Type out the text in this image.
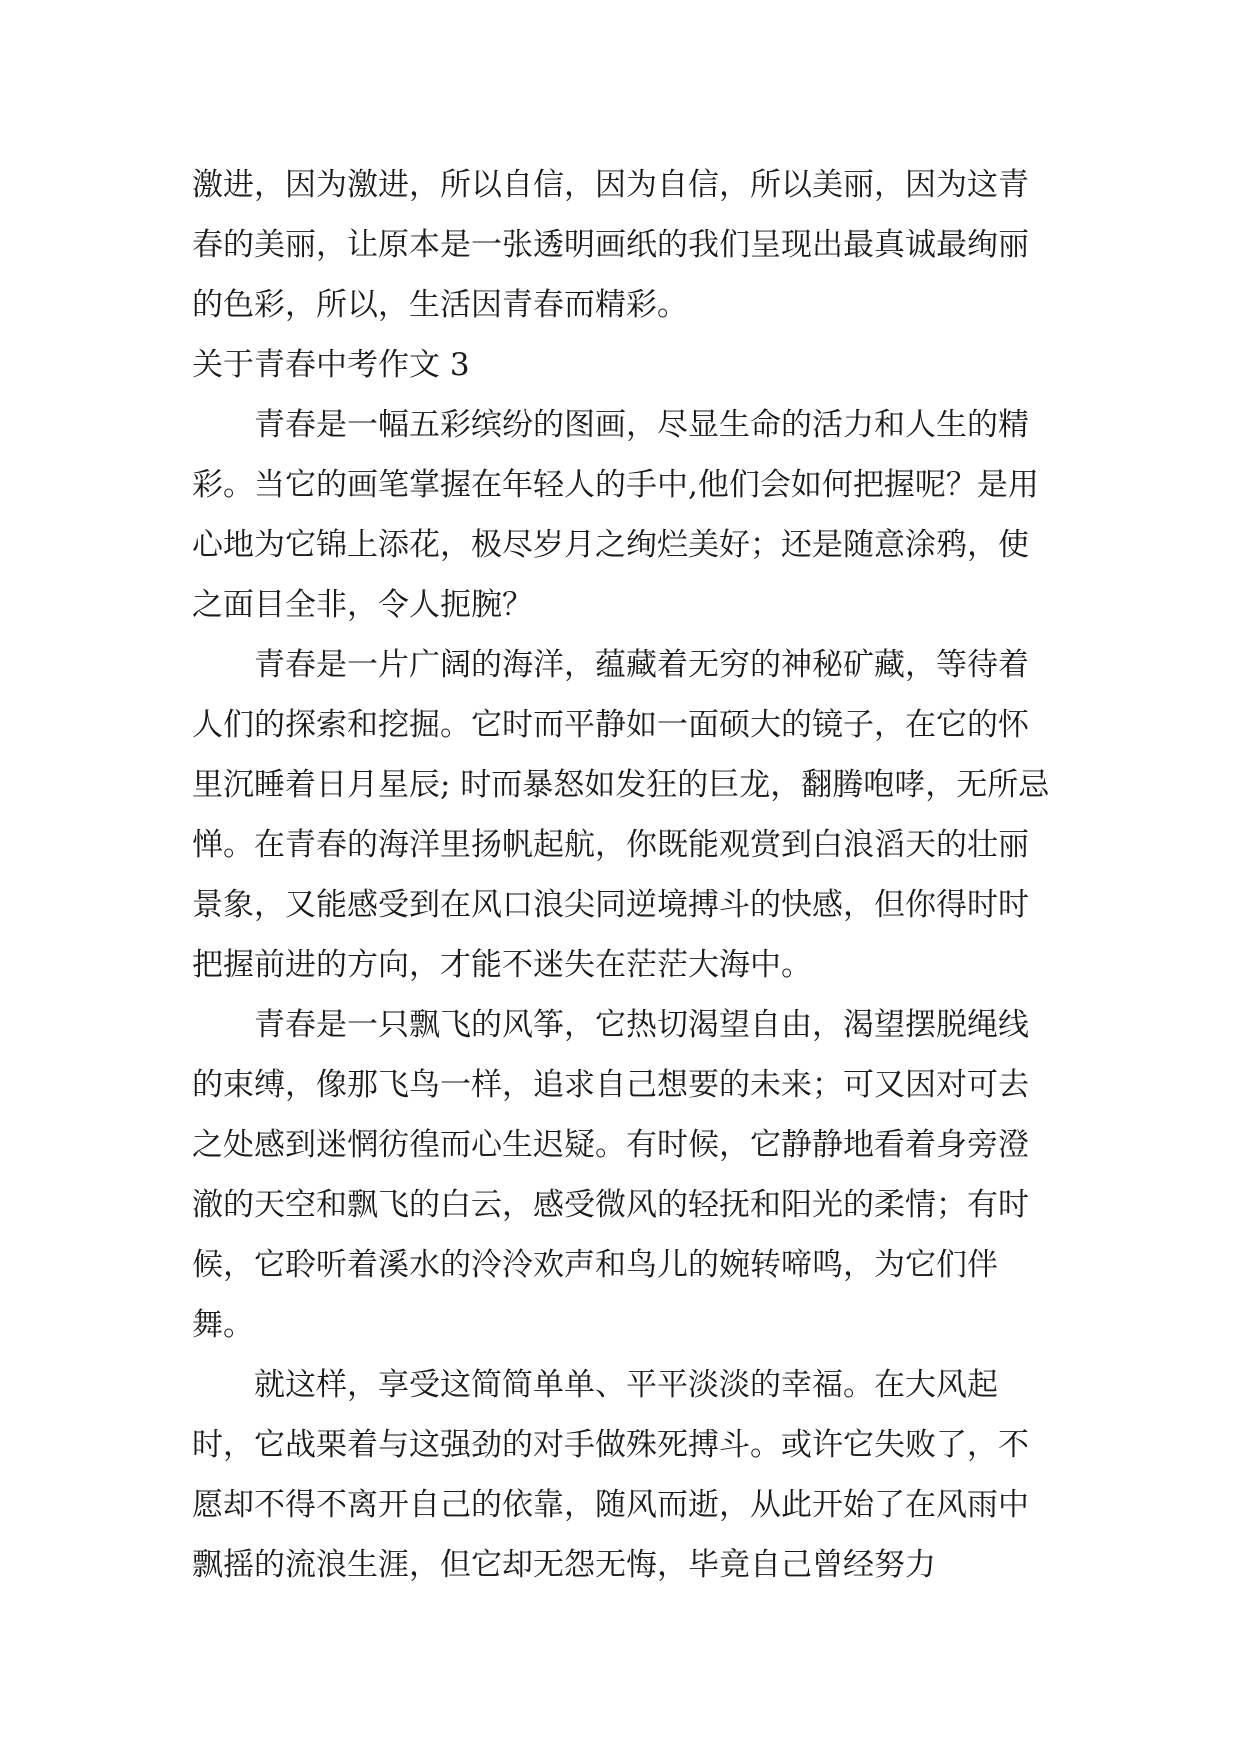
激进，因为激进，所以自信，因为自信，所以美丽，因为这青春的美丽，让原本是一张透明画纸的我们呈现出最真诚最绚丽的色彩，所以，生活因青春而精彩。

关于青春中考作文 3

青春是一幅五彩缤纷的图画，尽显生命的活力和人生的精彩。当它的画笔掌握在年轻人的手中,他们会如何把握呢？是用心地为它锦上添花，极尽岁月之绚烂美好；还是随意涂鸦，使之面目全非，令人扼腕？

青春是一片广阔的海洋，蕴藏着无穷的神秘矿藏，等待着人们的探索和挖掘。它时而平静如一面硕大的镜子，在它的怀里沉睡着日月星辰; 时而暴怒如发狂的巨龙，翻腾咆哮，无所忌惮。在青春的海洋里扬帆起航，你既能观赏到白浪滔天的壮丽景象，又能感受到在风口浪尖同逆境搏斗的快感，但你得时时把握前进的方向，才能不迷失在茫茫大海中。

青春是一只飘飞的风筝，它热切渴望自由，渴望摆脱绳线的束缚，像那飞鸟一样，追求自己想要的未来；可又因对可去之处感到迷惘彷徨而心生迟疑。有时候，它静静地看着身旁澄澈的天空和飘飞的白云，感受微风的轻抚和阳光的柔情；有时候，它聆听着溪水的泠泠欢声和鸟儿的婉转啼鸣，为它们伴舞。

就这样，享受这简简单单、平平淡淡的幸福。在大风起时，它战栗着与这强劲的对手做殊死搏斗。或许它失败了，不愿却不得不离开自己的依靠，随风而逝，从此开始了在风雨中飘摇的流浪生涯，但它却无怨无悔，毕竟自己曾经努力
